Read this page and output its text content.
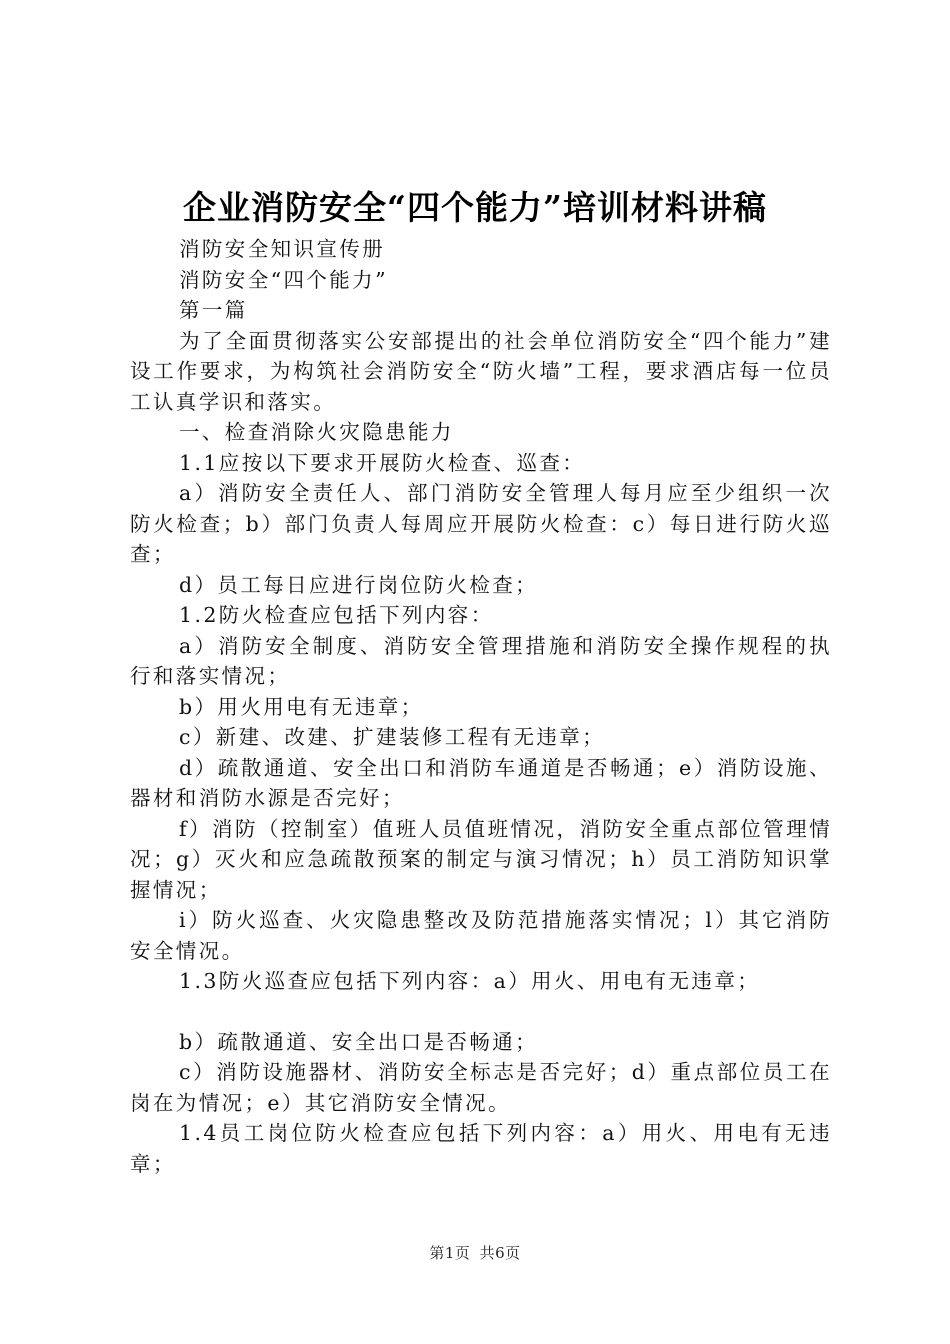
企业消防安全“四个能力”培训材料讲稿

消防安全知识宣传册

消防安全“四个能力”

第一篇

为了全面贯彻落实公安部提出的社会单位消防安全“四个能力”建设工作要求，为构筑社会消防安全“防火墙”工程，要求酒店每一位员工认真学识和落实。

一、检查消除火灾隐患能力

1.1应按以下要求开展防火检查、巡查：

a）消防安全责任人、部门消防安全管理人每月应至少组织一次防火检查；b）部门负责人每周应开展防火检查：c）每日进行防火巡查；

d）员工每日应进行岗位防火检查；

1.2防火检查应包括下列内容：

a）消防安全制度、消防安全管理措施和消防安全操作规程的执行和落实情况；

b）用火用电有无违章；

c）新建、改建、扩建装修工程有无违章；

d）疏散通道、安全出口和消防车通道是否畅通；e）消防设施、器材和消防水源是否完好；

f）消防（控制室）值班人员值班情况，消防安全重点部位管理情况；g）灭火和应急疏散预案的制定与演习情况；h）员工消防知识掌握情况；

i）防火巡查、火灾隐患整改及防范措施落实情况；l）其它消防安全情况。

1.3防火巡查应包括下列内容：a）用火、用电有无违章；

b）疏散通道、安全出口是否畅通；

c）消防设施器材、消防安全标志是否完好；d）重点部位员工在岗在为情况；e）其它消防安全情况。

1.4员工岗位防火检查应包括下列内容：a）用火、用电有无违章；

第1页 共6页
